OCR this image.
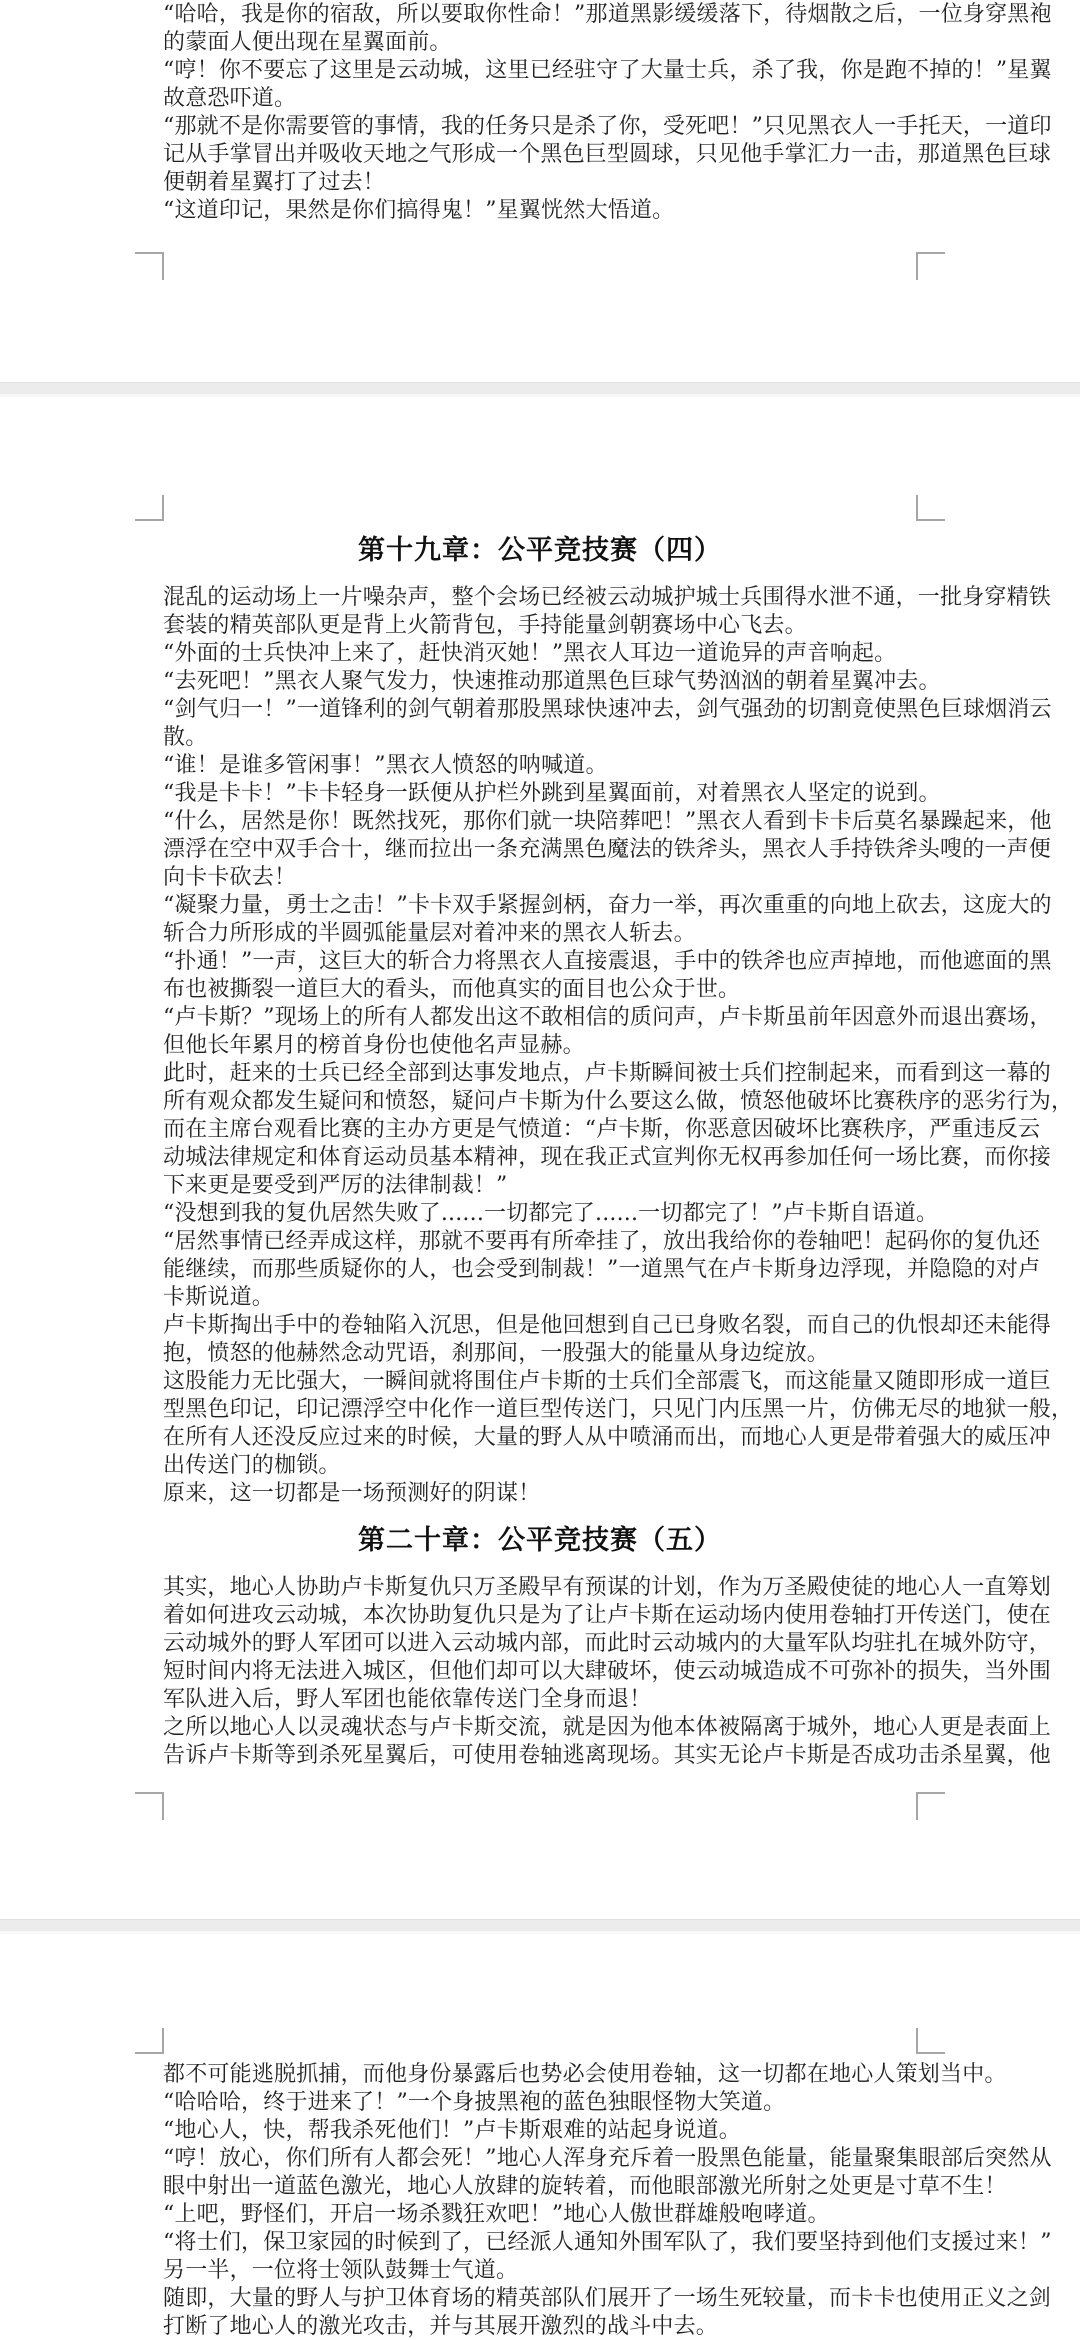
“哈哈，我是你的宿敌，所以要取你性命！”那道黑影缓缓落下，待烟散之后，一位身穿黑袍
的蒙面人便出现在星翼面前。
“哼！你不要忘了这里是云动城，这里已经驻守了大量士兵，杀了我，你是跑不掉的！”星翼
故意恐吓道。
“那就不是你需要管的事情，我的任务只是杀了你，受死吧！”只见黑衣人一手托天，一道印
记从手掌冒出并吸收天地之气形成一个黑色巨型圆球，只见他手掌汇力一击，那道黑色巨球
便朝着星翼打了过去！
“这道印记，果然是你们搞得鬼！”星翼恍然大悟道。
第十九章：公平竞技赛（四）
混乱的运动场上一片噪杂声，整个会场已经被云动城护城士兵围得水泄不通，一批身穿精铁
套装的精英部队更是背上火箭背包，手持能量剑朝赛场中心飞去。
“外面的士兵快冲上来了，赶快消灭她！”黑衣人耳边一道诡异的声音响起。
“去死吧！”黑衣人聚气发力，快速推动那道黑色巨球气势汹汹的朝着星翼冲去。
“剑气归一！”一道锋利的剑气朝着那股黑球快速冲去，剑气强劲的切割竟使黑色巨球烟消云
散。
“谁！是谁多管闲事！”黑衣人愤怒的呐喊道。
“我是卡卡！”卡卡轻身一跃便从护栏外跳到星翼面前，对着黑衣人坚定的说到。
“什么，居然是你！既然找死，那你们就一块陪葬吧！”黑衣人看到卡卡后莫名暴躁起来，他
漂浮在空中双手合十，继而拉出一条充满黑色魔法的铁斧头，黑衣人手持铁斧头嗖的一声便
向卡卡砍去！
“凝聚力量，勇士之击！”卡卡双手紧握剑柄，奋力一举，再次重重的向地上砍去，这庞大的
斩合力所形成的半圆弧能量层对着冲来的黑衣人斩去。
“扑通！”一声，这巨大的斩合力将黑衣人直接震退，手中的铁斧也应声掉地，而他遮面的黑
布也被撕裂一道巨大的看头，而他真实的面目也公众于世。
“卢卡斯？”现场上的所有人都发出这不敢相信的质问声，卢卡斯虽前年因意外而退出赛场，
但他长年累月的榜首身份也使他名声显赫。
此时，赶来的士兵已经全部到达事发地点，卢卡斯瞬间被士兵们控制起来，而看到这一幕的
所有观众都发生疑问和愤怒，疑问卢卡斯为什么要这么做，愤怒他破坏比赛秩序的恶劣行为，
而在主席台观看比赛的主办方更是气愤道：“卢卡斯，你恶意因破坏比赛秩序，严重违反云
动城法律规定和体育运动员基本精神，现在我正式宣判你无权再参加任何一场比赛，而你接
下来更是要受到严厉的法律制裁！”
“没想到我的复仇居然失败了......一切都完了......一切都完了！”卢卡斯自语道。
“居然事情已经弄成这样，那就不要再有所牵挂了，放出我给你的卷轴吧！起码你的复仇还
能继续，而那些质疑你的人，也会受到制裁！”一道黑气在卢卡斯身边浮现，并隐隐的对卢
卡斯说道。
卢卡斯掏出手中的卷轴陷入沉思，但是他回想到自己已身败名裂，而自己的仇恨却还未能得
抱，愤怒的他赫然念动咒语，刹那间，一股强大的能量从身边绽放。
这股能力无比强大，一瞬间就将围住卢卡斯的士兵们全部震飞，而这能量又随即形成一道巨
型黑色印记，印记漂浮空中化作一道巨型传送门，只见门内压黑一片，仿佛无尽的地狱一般，
在所有人还没反应过来的时候，大量的野人从中喷涌而出，而地心人更是带着强大的威压冲
出传送门的枷锁。
原来，这一切都是一场预测好的阴谋！
第二十章：公平竞技赛（五）
其实，地心人协助卢卡斯复仇只万圣殿早有预谋的计划，作为万圣殿使徒的地心人一直筹划
着如何进攻云动城，本次协助复仇只是为了让卢卡斯在运动场内使用卷轴打开传送门，使在
云动城外的野人军团可以进入云动城内部，而此时云动城内的大量军队均驻扎在城外防守，
短时间内将无法进入城区，但他们却可以大肆破坏，使云动城造成不可弥补的损失，当外围
军队进入后，野人军团也能依靠传送门全身而退！
之所以地心人以灵魂状态与卢卡斯交流，就是因为他本体被隔离于城外，地心人更是表面上
告诉卢卡斯等到杀死星翼后，可使用卷轴逃离现场。其实无论卢卡斯是否成功击杀星翼，他
都不可能逃脱抓捕，而他身份暴露后也势必会使用卷轴，这一切都在地心人策划当中。
“哈哈哈，终于进来了！”一个身披黑袍的蓝色独眼怪物大笑道。
“地心人，快，帮我杀死他们！”卢卡斯艰难的站起身说道。
“哼！放心，你们所有人都会死！”地心人浑身充斥着一股黑色能量，能量聚集眼部后突然从
眼中射出一道蓝色激光，地心人放肆的旋转着，而他眼部激光所射之处更是寸草不生！
“上吧，野怪们，开启一场杀戮狂欢吧！”地心人傲世群雄般咆哮道。
“将士们，保卫家园的时候到了，已经派人通知外围军队了，我们要坚持到他们支援过来！”
另一半，一位将士领队鼓舞士气道。
随即，大量的野人与护卫体育场的精英部队们展开了一场生死较量，而卡卡也使用正义之剑
打断了地心人的激光攻击，并与其展开激烈的战斗中去。
